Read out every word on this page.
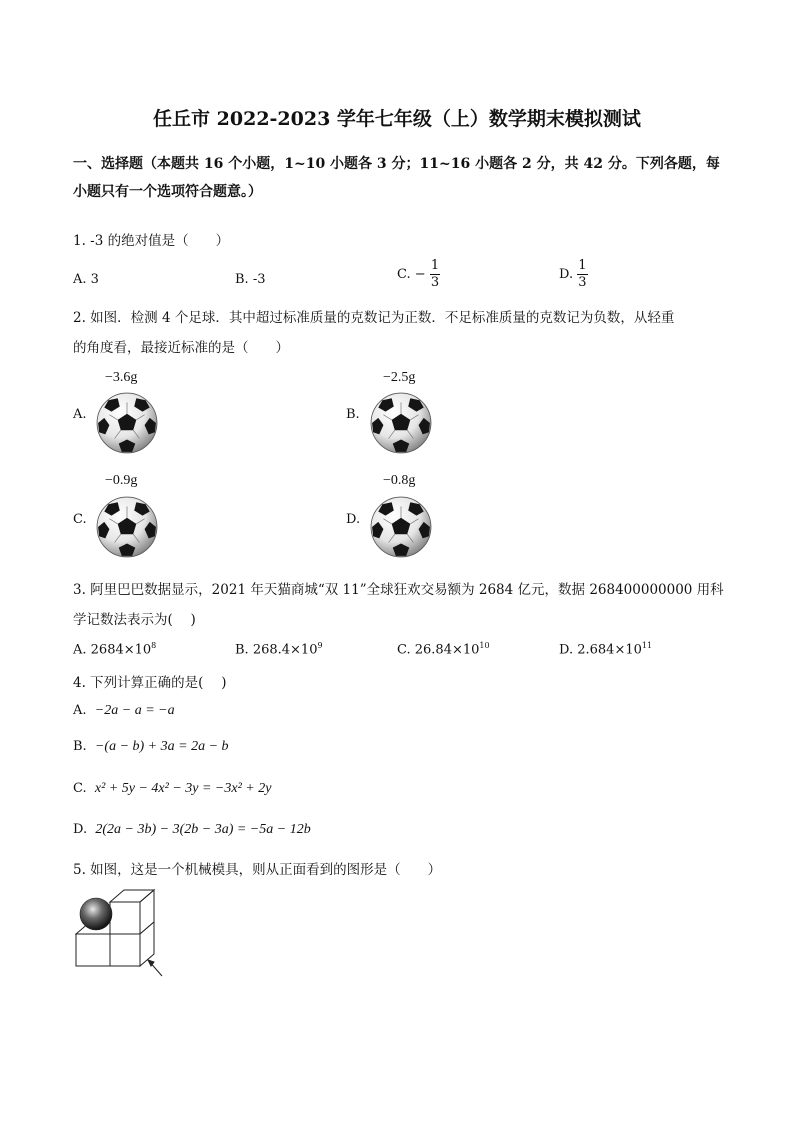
任丘市 2022-2023 学年七年级（上）数学期末模拟测试
一、选择题（本题共 16 个小题，1~10 小题各 3 分；11~16 小题各 2 分，共 42 分。下列各题，每小题只有一个选项符合题意。）
1. -3 的绝对值是（　　）
A. 3	B. -3	C. − $\frac{1}{3}$	D. $\frac{1}{3}$
2. 如图．检测 4 个足球．其中超过标准质量的克数记为正数．不足标准质量的克数记为负数，从轻重
的角度看，最接近标准的是（　　）
−3.6g
A.
−2.5g
B.
−0.9g
C.
−0.8g
D.
3. 阿里巴巴数据显示，2021 年天猫商城“双 11”全球狂欢交易额为 2684 亿元，数据 268400000000 用科
学记数法表示为(　 )
A. $2684\times 10^8$	B. $268.4\times 10^9$	C. $26.84\times 10^{10}$	D. $2.684\times 10^{11}$
4. 下列计算正确的是(　 )
A. −2a − a = −a
B. −(a − b) + 3a = 2a − b
C. x² + 5y − 4x² − 3y = −3x² + 2y
D. 2(2a − 3b) − 3(2b − 3a) = −5a − 12b
5. 如图，这是一个机械模具，则从正面看到的图形是（　　）
